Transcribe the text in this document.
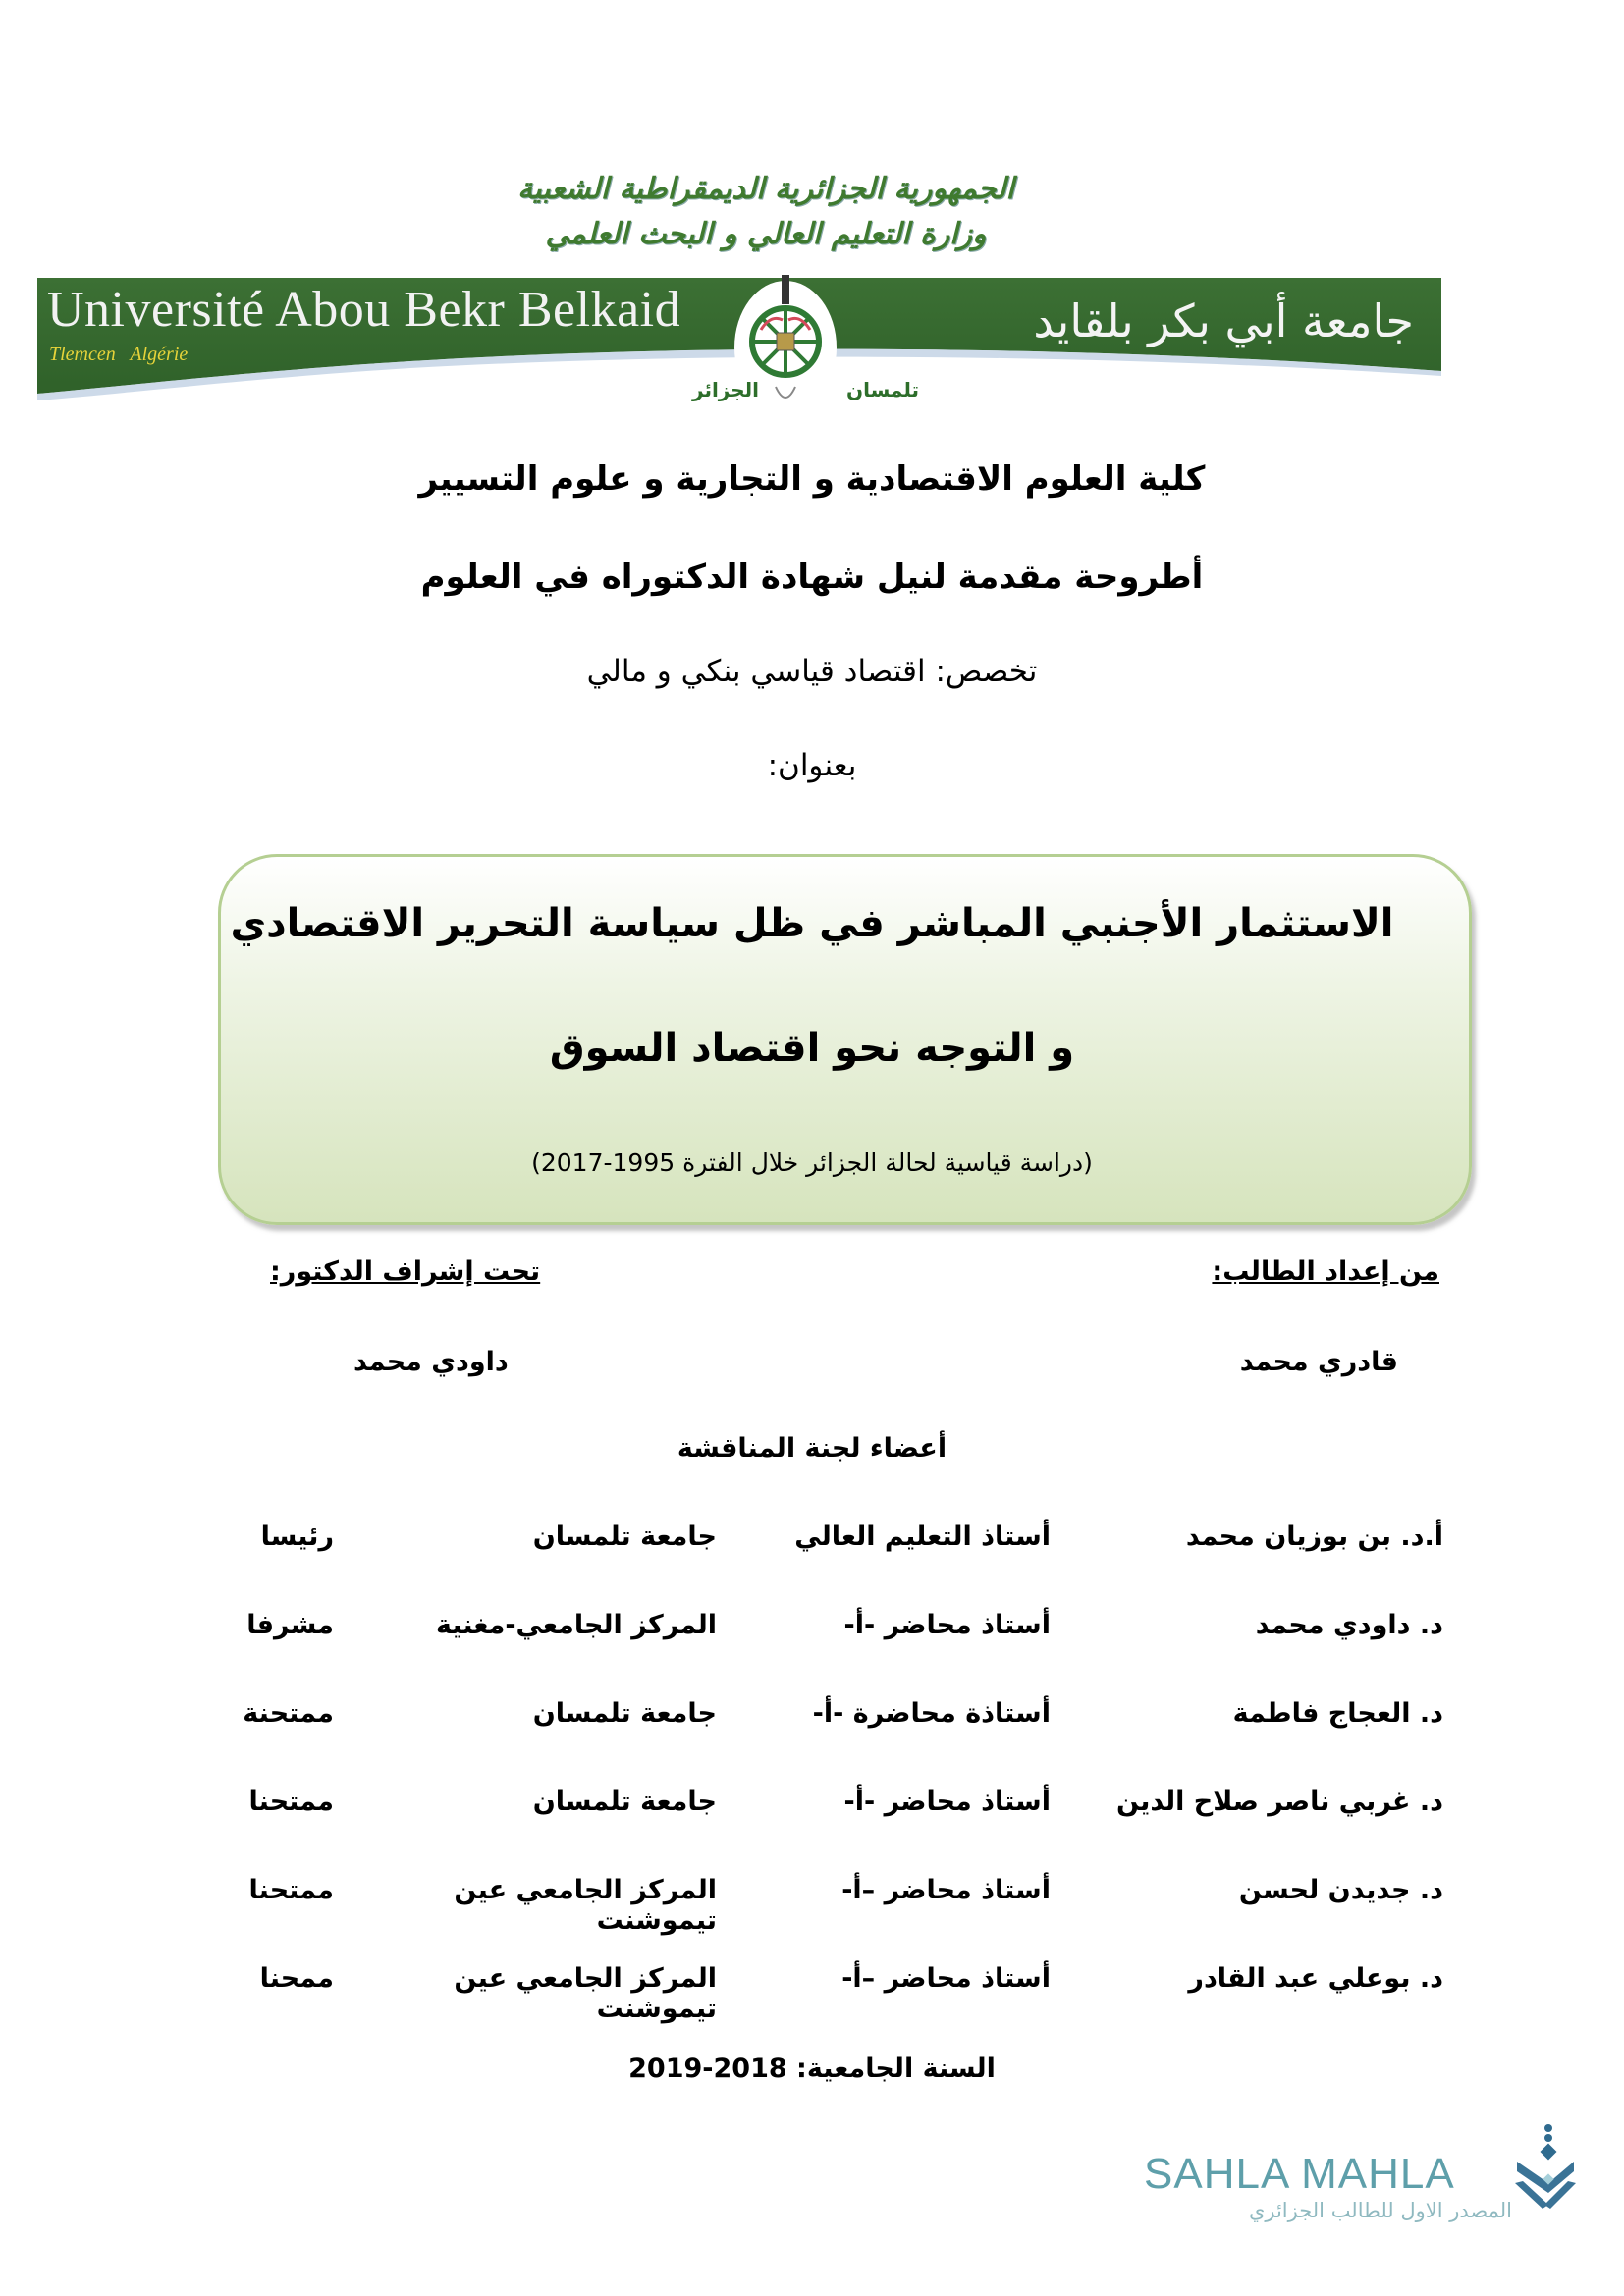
الجمهورية الجزائرية الديمقراطية الشعبية
وزارة التعليم العالي و البحث العلمي
Université Abou Bekr Belkaid
Tlemcen Algérie
جامعة أبي بكر بلقايد
الجزائر	تلمسان
كلية العلوم الاقتصادية و التجارية و علوم التسيير
أطروحة مقدمة لنيل شهادة الدكتوراه في العلوم
تخصص: اقتصاد قياسي بنكي و مالي
بعنوان:
الاستثمار الأجنبي المباشر في ظل سياسة التحرير الاقتصادي
و التوجه نحو اقتصاد السوق
(دراسة قياسية لحالة الجزائر خلال الفترة 1995-2017)
من إعداد الطالب:
تحت إشراف الدكتور:
قادري محمد
داودي محمد
أعضاء لجنة المناقشة
أ.د. بن بوزيان محمد
أستاذ التعليم العالي
جامعة تلمسان
رئيسا
د. داودي محمد
أستاذ محاضر -أ-
المركز الجامعي-مغنية
مشرفا
د. العجاج فاطمة
أستاذة محاضرة -أ-
جامعة تلمسان
ممتحنة
د. غربي ناصر صلاح الدين
أستاذ محاضر -أ-
جامعة تلمسان
ممتحنا
د. جديدن لحسن
أستاذ محاضر –أ-
المركز الجامعي عين تيموشنت
ممتحنا
د. بوعلي عبد القادر
أستاذ محاضر –أ-
المركز الجامعي عين تيموشنت
ممحنا
السنة الجامعية: 2018-2019
SAHLA MAHLA
المصدر الاول للطالب الجزائري
